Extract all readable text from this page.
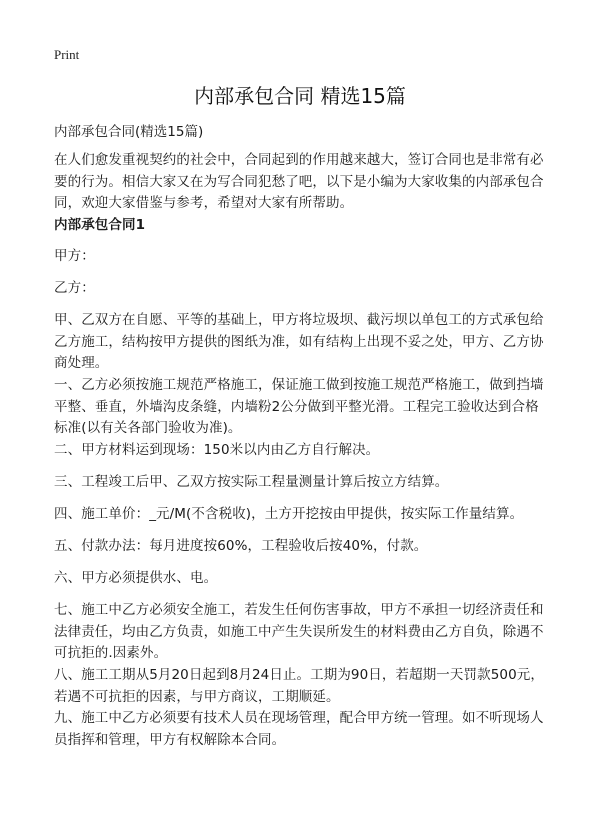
Print
内部承包合同 精选15篇
内部承包合同(精选15篇)
在人们愈发重视契约的社会中，合同起到的作用越来越大，签订合同也是非常有必要的行为。相信大家又在为写合同犯愁了吧，以下是小编为大家收集的内部承包合同，欢迎大家借鉴与参考，希望对大家有所帮助。
内部承包合同1
甲方：
乙方：
甲、乙双方在自愿、平等的基础上，甲方将垃圾坝、截污坝以单包工的方式承包给乙方施工，结构按甲方提供的图纸为准，如有结构上出现不妥之处，甲方、乙方协商处理。
一、乙方必须按施工规范严格施工，保证施工做到按施工规范严格施工，做到挡墙平整、垂直，外墙沟皮条缝，内墙粉2公分做到平整光滑。工程完工验收达到合格标准(以有关各部门验收为准)。
二、甲方材料运到现场：150米以内由乙方自行解决。
三、工程竣工后甲、乙双方按实际工程量测量计算后按立方结算。
四、施工单价：_元/M(不含税收)，土方开挖按由甲提供，按实际工作量结算。
五、付款办法：每月进度按60%，工程验收后按40%，付款。
六、甲方必须提供水、电。
七、施工中乙方必须安全施工，若发生任何伤害事故，甲方不承担一切经济责任和法律责任，均由乙方负责，如施工中产生失误所发生的材料费由乙方自负，除遇不可抗拒的.因素外。
八、施工工期从5月20日起到8月24日止。工期为90日，若超期一天罚款500元，若遇不可抗拒的因素，与甲方商议，工期顺延。
九、施工中乙方必须要有技术人员在现场管理，配合甲方统一管理。如不听现场人员指挥和管理，甲方有权解除本合同。
